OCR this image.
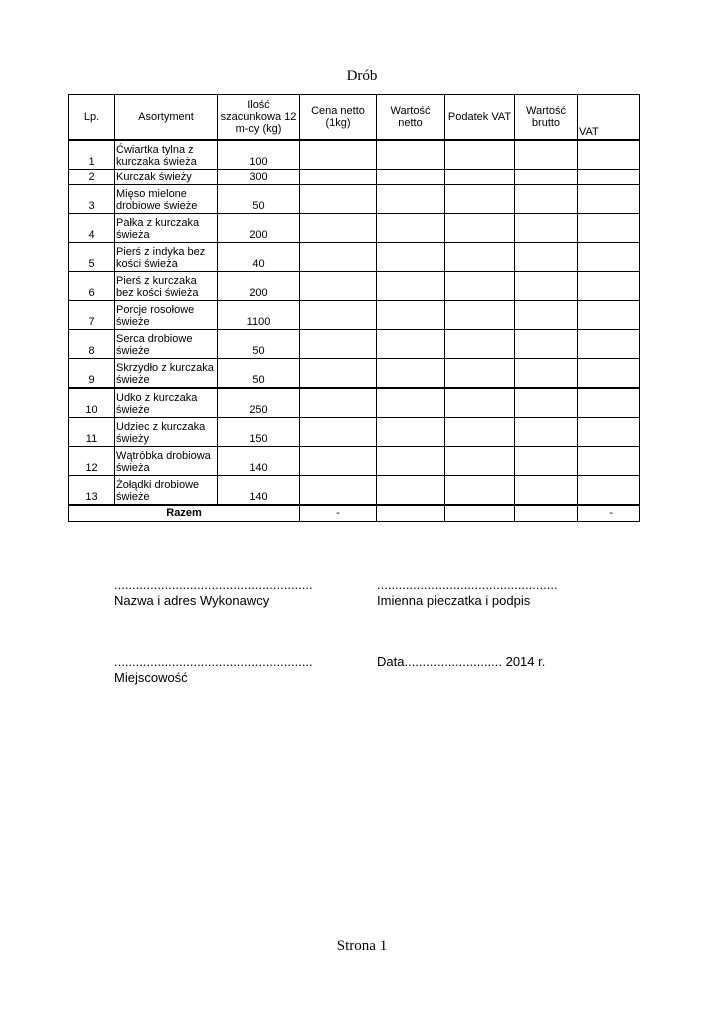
Drób
Lp.	Asortyment	Ilość szacunkowa 12 m-cy (kg)	Cena netto (1kg)	Wartość netto	Podatek VAT	Wartość brutto	VAT
1	Ćwiartka tylna z kurczaka świeża	100					
2	Kurczak świeży	300					
3	Mięso mielone drobiowe świeże	50					
4	Pałka z kurczaka świeża	200					
5	Pierś z indyka bez kości świeża	40					
6	Pierś z kurczaka bez kości świeża	200					
7	Porcje rosołowe świeże	1100					
8	Serca drobiowe świeże	50					
9	Skrzydło z kurczaka świeże	50					
10	Udko z kurczaka świeże	250					
11	Udziec z kurczaka świeży	150					
12	Wątróbka drobiowa świeża	140					
13	Żołądki drobiowe świeże	140					
Razem			-				-
.......................................................
Nazwa i adres Wykonawcy
..................................................
Imienna pieczatka i podpis
.......................................................
Miejscowość
Data........................... 2014 r.
Strona 1
